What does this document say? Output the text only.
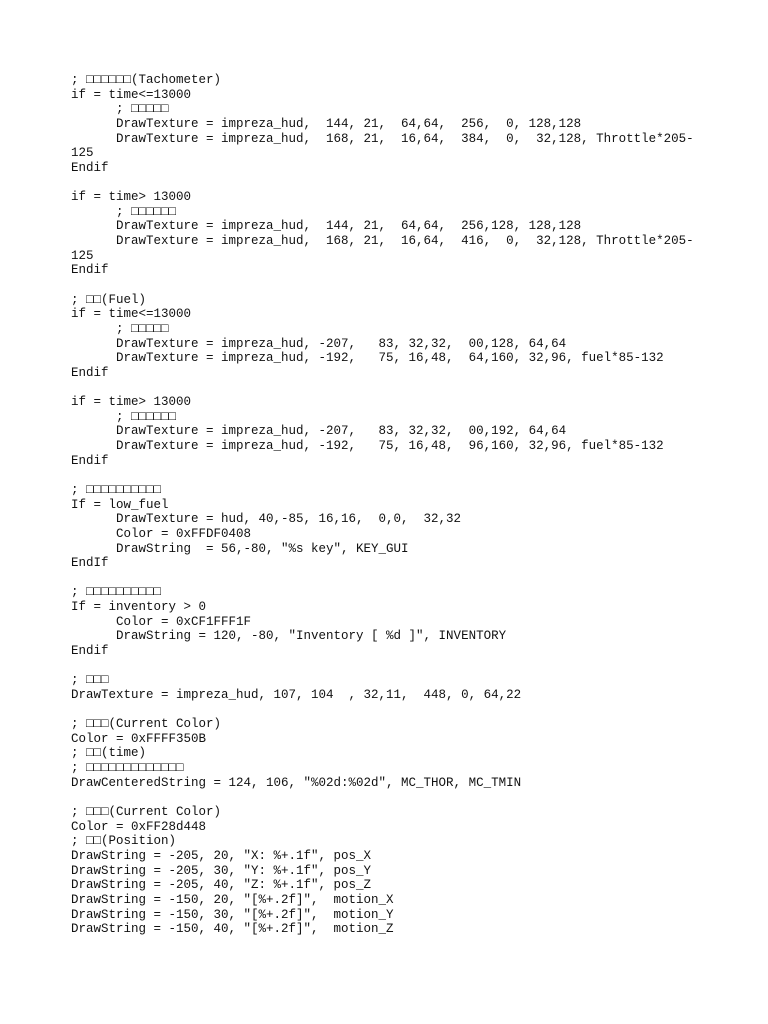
; □□□□□□(Tachometer)
if = time<=13000
; □□□□□
DrawTexture = impreza_hud,  144, 21,  64,64,  256,  0, 128,128
DrawTexture = impreza_hud,  168, 21,  16,64,  384,  0,  32,128, Throttle*205-
125
Endif
if = time> 13000
; □□□□□□
DrawTexture = impreza_hud,  144, 21,  64,64,  256,128, 128,128
DrawTexture = impreza_hud,  168, 21,  16,64,  416,  0,  32,128, Throttle*205-
125
Endif
; □□(Fuel)
if = time<=13000
; □□□□□
DrawTexture = impreza_hud, -207,   83, 32,32,  00,128, 64,64
DrawTexture = impreza_hud, -192,   75, 16,48,  64,160, 32,96, fuel*85-132
Endif
if = time> 13000
; □□□□□□
DrawTexture = impreza_hud, -207,   83, 32,32,  00,192, 64,64
DrawTexture = impreza_hud, -192,   75, 16,48,  96,160, 32,96, fuel*85-132
Endif
; □□□□□□□□□□
If = low_fuel
DrawTexture = hud, 40,-85, 16,16,  0,0,  32,32
Color = 0xFFDF0408
DrawString  = 56,-80, "%s key", KEY_GUI
EndIf
; □□□□□□□□□□
If = inventory > 0
Color = 0xCF1FFF1F
DrawString = 120, -80, "Inventory [ %d ]", INVENTORY
Endif
; □□□
DrawTexture = impreza_hud, 107, 104  , 32,11,  448, 0, 64,22
; □□□(Current Color)
Color = 0xFFFF350B
; □□(time)
; □□□□□□□□□□□□□
DrawCenteredString = 124, 106, "%02d:%02d", MC_THOR, MC_TMIN
; □□□(Current Color)
Color = 0xFF28d448
; □□(Position)
DrawString = -205, 20, "X: %+.1f", pos_X
DrawString = -205, 30, "Y: %+.1f", pos_Y
DrawString = -205, 40, "Z: %+.1f", pos_Z
DrawString = -150, 20, "[%+.2f]",  motion_X
DrawString = -150, 30, "[%+.2f]",  motion_Y
DrawString = -150, 40, "[%+.2f]",  motion_Z
